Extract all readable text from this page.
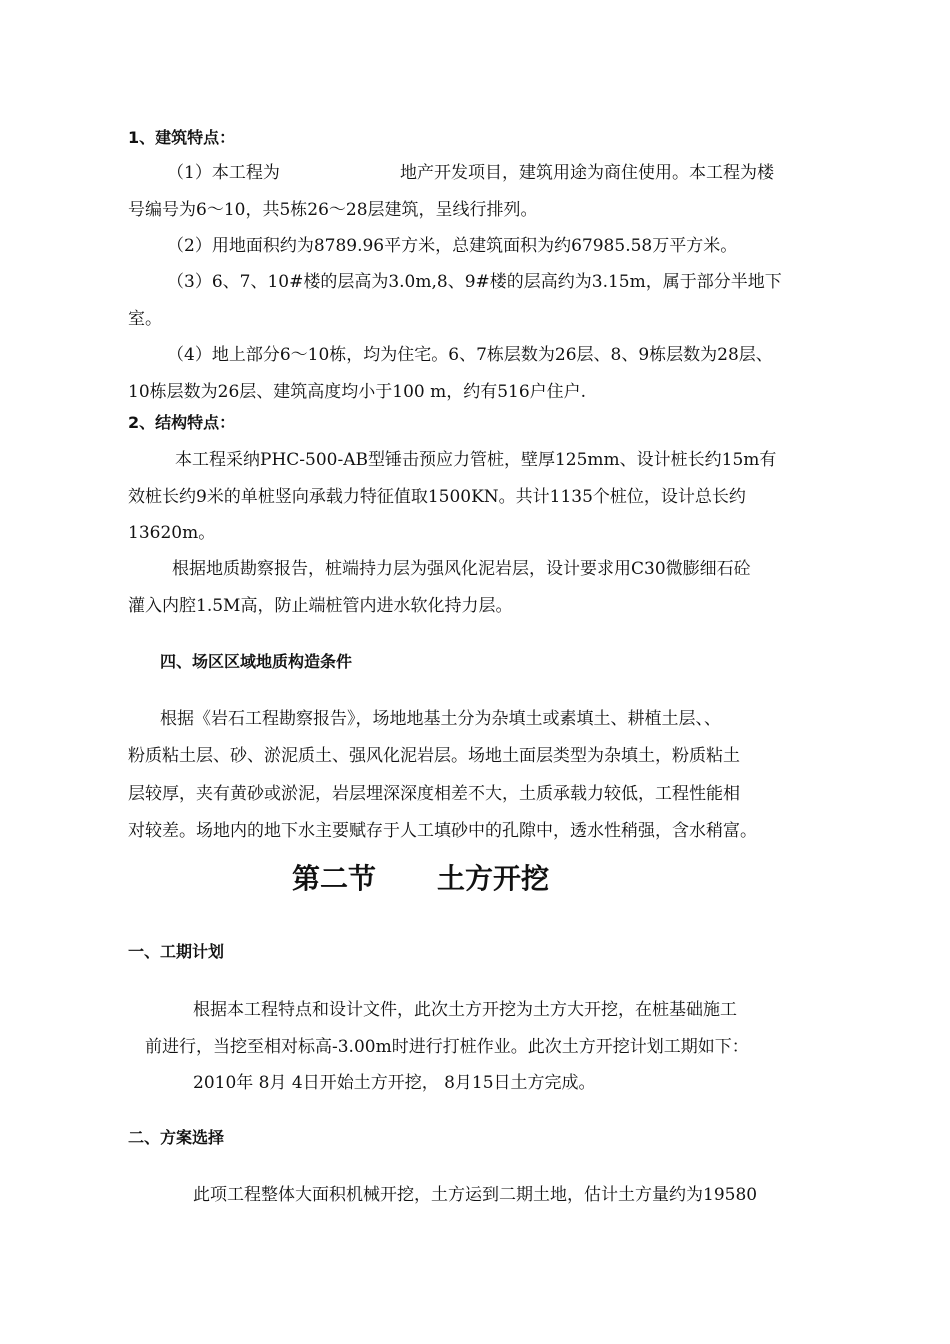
1、建筑特点：
（1）本工程为	地产开发项目，建筑用途为商住使用。本工程为楼
号编号为6～10，共5栋26～28层建筑，呈线行排列。
（2）用地面积约为8789.96平方米，总建筑面积为约67985.58万平方米。
（3）6、7、10#楼的层高为3.0m,8、9#楼的层高约为3.15m，属于部分半地下
室。
（4）地上部分6～10栋，均为住宅。6、7栋层数为26层、8、9栋层数为28层、
10栋层数为26层、建筑高度均小于100 m，约有516户住户.
2、结构特点：
本工程采纳PHC-500-AB型锤击预应力管桩，壁厚125mm、设计桩长约15m有
效桩长约9米的单桩竖向承载力特征值取1500KN。共计1135个桩位，设计总长约
13620m。
根据地质勘察报告，桩端持力层为强风化泥岩层，设计要求用C30微膨细石砼
灌入内腔1.5M高，防止端桩管内进水软化持力层。
四、场区区域地质构造条件
根据《岩石工程勘察报告》，场地地基土分为杂填土或素填土、耕植土层、、
粉质粘土层、砂、淤泥质土、强风化泥岩层。场地土面层类型为杂填土，粉质粘土
层较厚，夹有黄砂或淤泥，岩层埋深深度相差不大，土质承载力较低，工程性能相
对较差。场地内的地下水主要赋存于人工填砂中的孔隙中，透水性稍强，含水稍富。
第二节 土方开挖
一、工期计划
根据本工程特点和设计文件，此次土方开挖为土方大开挖，在桩基础施工
前进行，当挖至相对标高-3.00m时进行打桩作业。此次土方开挖计划工期如下：
2010年 8月 4日开始土方开挖， 8月15日土方完成。
二、方案选择
此项工程整体大面积机械开挖，土方运到二期土地，估计土方量约为19580
